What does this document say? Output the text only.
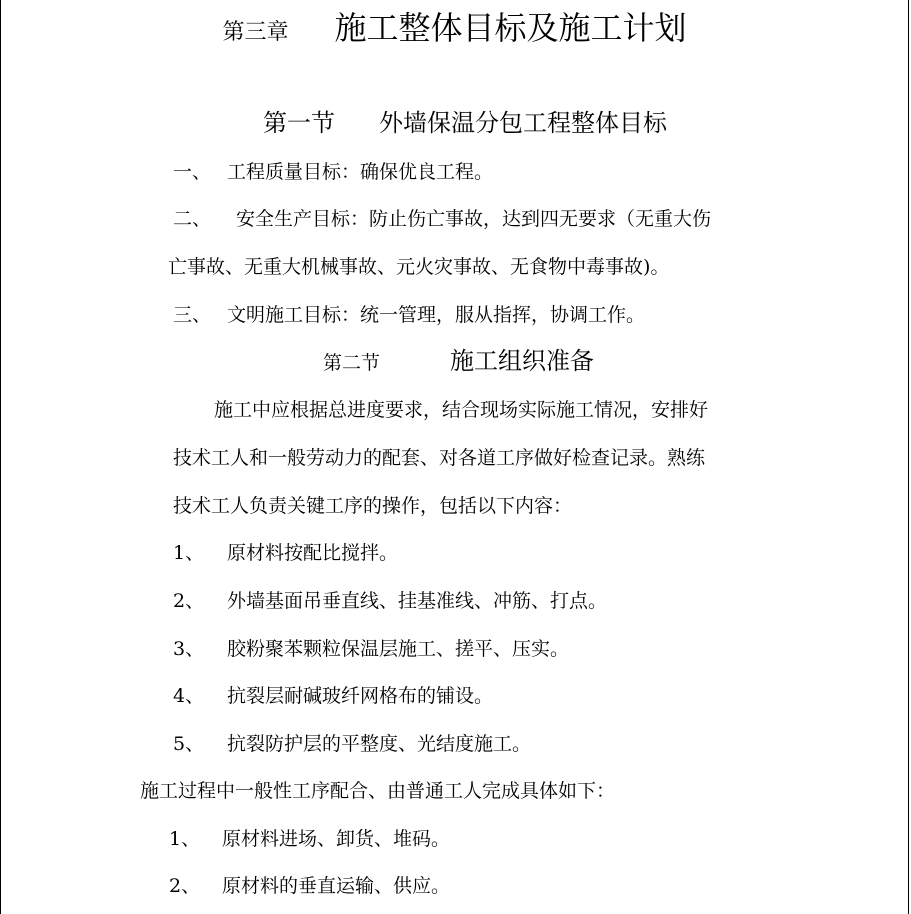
第三章 施工整体目标及施工计划
第一节 外墙保温分包工程整体目标
一、 工程质量目标：确保优良工程。
二、 安全生产目标：防止伤亡事故，达到四无要求（无重大伤
亡事故、无重大机械事故、元火灾事故、无食物中毒事故)。
三、 文明施工目标：统一管理，服从指挥，协调工作。
第二节	施工组织准备
施工中应根据总进度要求，结合现场实际施工情况，安排好
技术工人和一般劳动力的配套、对各道工序做好检查记录。熟练
技术工人负责关键工序的操作，包括以下内容：
1、 原材料按配比搅拌。
2、 外墙基面吊垂直线、挂基准线、冲筋、打点。
3、 胶粉聚苯颗粒保温层施工、搓平、压实。
4、 抗裂层耐碱玻纤网格布的铺设。
5、 抗裂防护层的平整度、光结度施工。
施工过程中一般性工序配合、由普通工人完成具体如下：
1、 原材料进场、卸货、堆码。
2、 原材料的垂直运输、供应。
